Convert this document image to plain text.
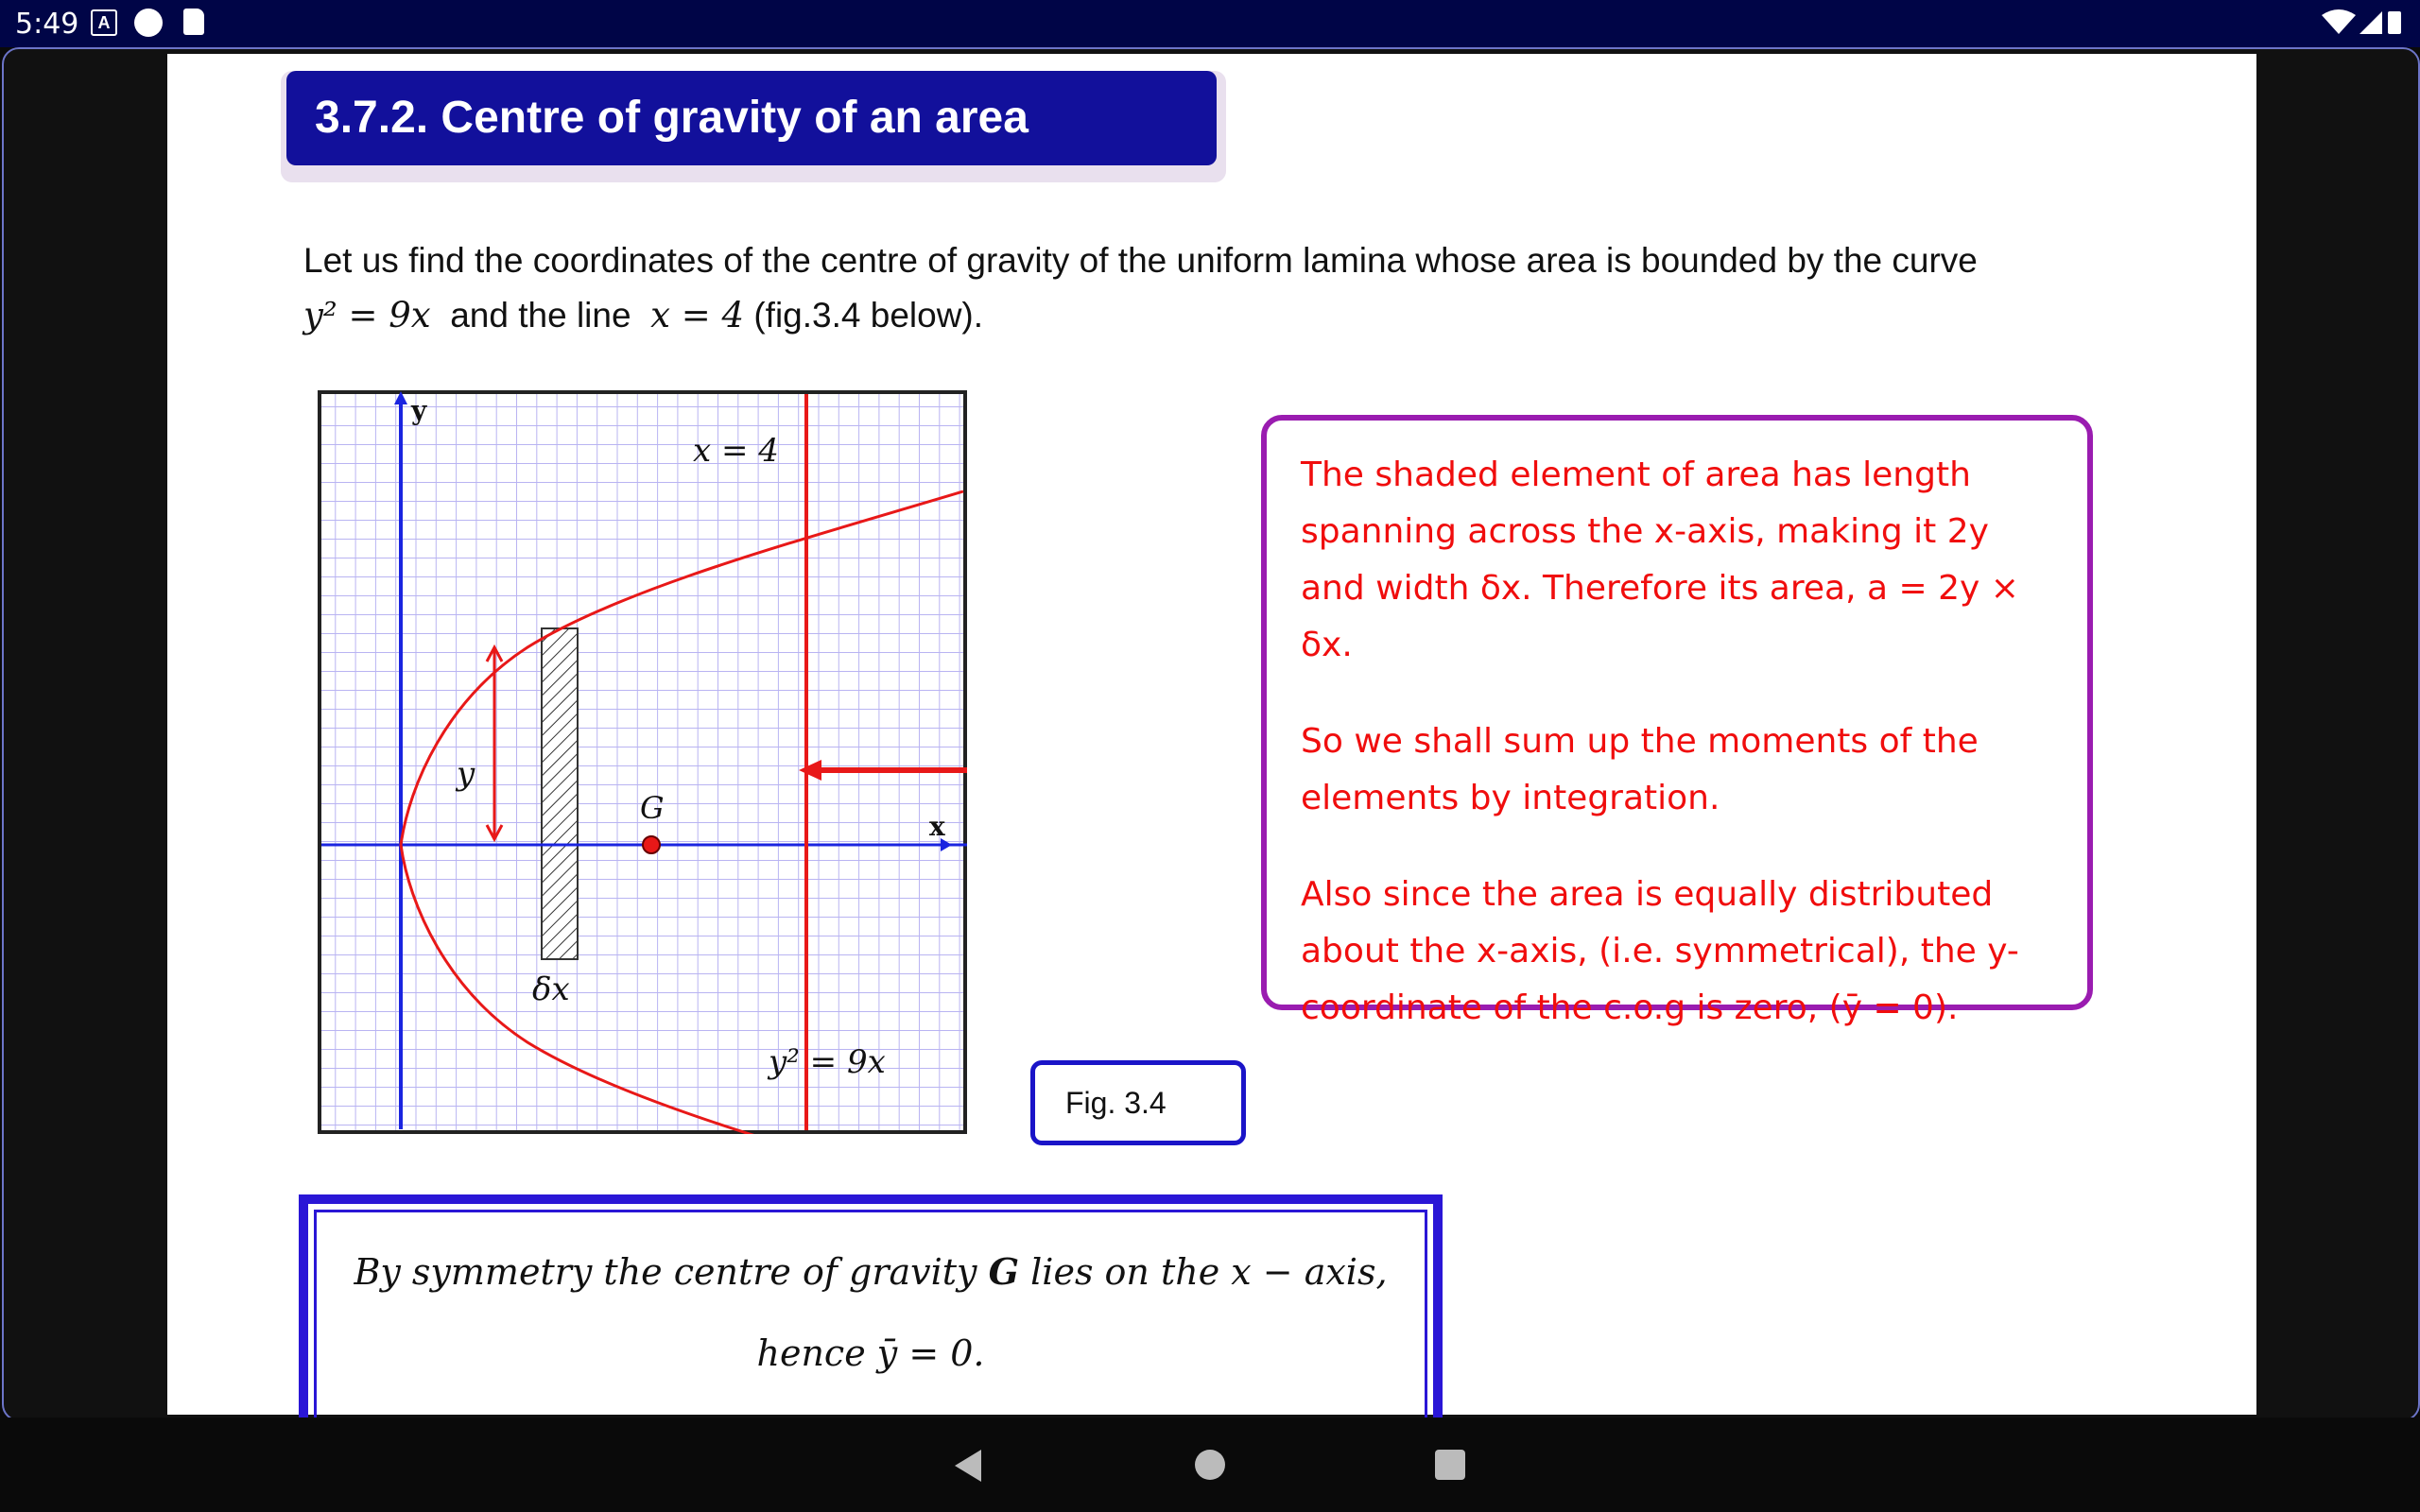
5:49	A
3.7.2. Centre of gravity of an area
Let us find the coordinates of the centre of gravity of the uniform lamina whose area is bounded by the curve
y² = 9x and the line x = 4 (fig.3.4 below).
y
x
x = 4
y
G
δx
y² = 9x

The shaded element of area has length spanning across the x-axis, making it 2y and width δx. Therefore its area, a = 2y × δx.

So we shall sum up the moments of the elements by integration.

Also since the area is equally distributed about the x-axis, (i.e. symmetrical), the y-coordinate of the c.o.g is zero, (ȳ = 0).

Fig. 3.4
By symmetry the centre of gravity G lies on the x − axis,
hence ȳ = 0.
